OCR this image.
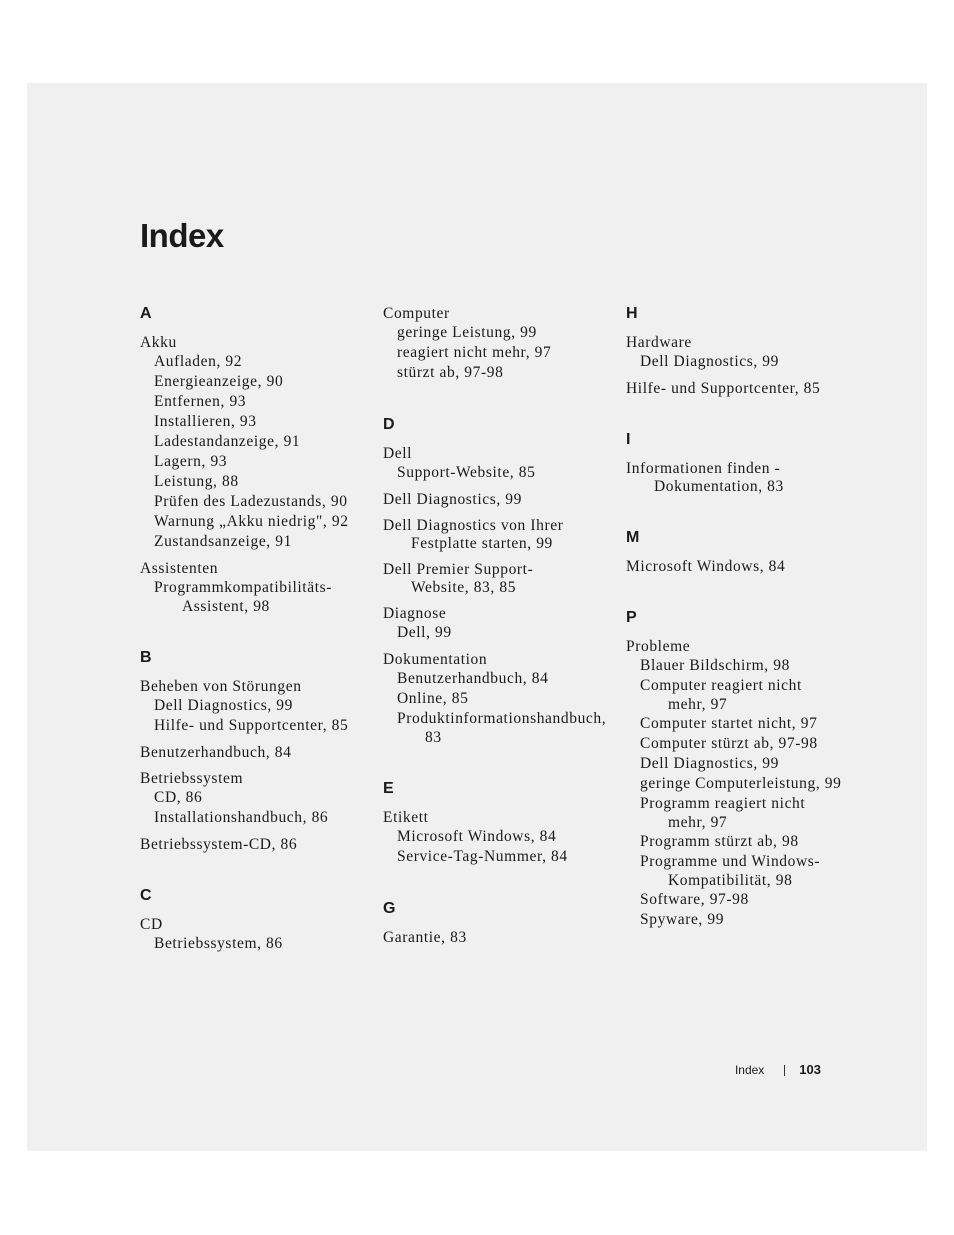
Index
A
Akku
Aufladen, 92
Energieanzeige, 90
Entfernen, 93
Installieren, 93
Ladestandanzeige, 91
Lagern, 93
Leistung, 88
Prüfen des Ladezustands, 90
Warnung „Akku niedrig", 92
Zustandsanzeige, 91
Assistenten
Programmkompatibilitäts-
Assistent, 98
B
Beheben von Störungen
Dell Diagnostics, 99
Hilfe- und Supportcenter, 85
Benutzerhandbuch, 84
Betriebssystem
CD, 86
Installationshandbuch, 86
Betriebssystem-CD, 86
C
CD
Betriebssystem, 86
Computer
geringe Leistung, 99
reagiert nicht mehr, 97
stürzt ab, 97-98
D
Dell
Support-Website, 85
Dell Diagnostics, 99
Dell Diagnostics von Ihrer
Festplatte starten, 99
Dell Premier Support-
Website, 83, 85
Diagnose
Dell, 99
Dokumentation
Benutzerhandbuch, 84
Online, 85
Produktinformationshandbuch,
83
E
Etikett
Microsoft Windows, 84
Service-Tag-Nummer, 84
G
Garantie, 83
H
Hardware
Dell Diagnostics, 99
Hilfe- und Supportcenter, 85
I
Informationen finden -
Dokumentation, 83
M
Microsoft Windows, 84
P
Probleme
Blauer Bildschirm, 98
Computer reagiert nicht
mehr, 97
Computer startet nicht, 97
Computer stürzt ab, 97-98
Dell Diagnostics, 99
geringe Computerleistung, 99
Programm reagiert nicht
mehr, 97
Programm stürzt ab, 98
Programme und Windows-
Kompatibilität, 98
Software, 97-98
Spyware, 99
Index	103
